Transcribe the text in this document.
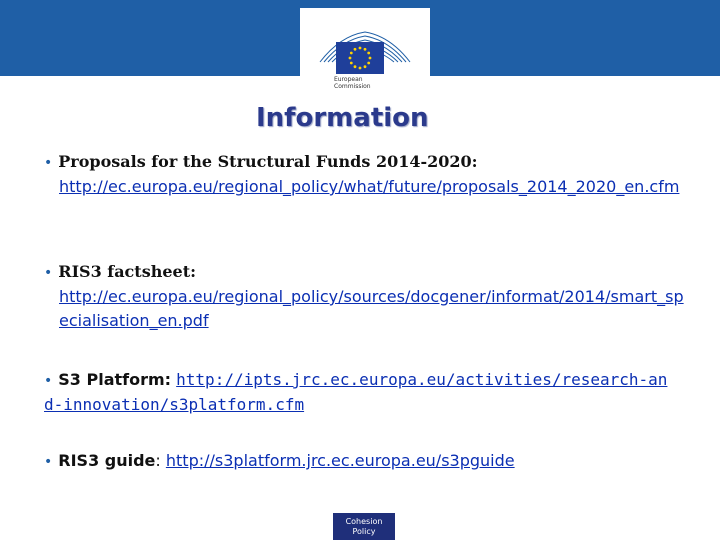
European
Commission
Information
• Proposals for the Structural Funds 2014-2020:
http://ec.europa.eu/regional_policy/what/future/proposals_2014_2020_en.cfm
• RIS3 factsheet:
http://ec.europa.eu/regional_policy/sources/docgener/informat/2014/smart_specialisation_en.pdf
• S3 Platform: http://ipts.jrc.ec.europa.eu/activities/research-and-innovation/s3platform.cfm
• RIS3 guide: http://s3platform.jrc.ec.europa.eu/s3pguide
Cohesion
Policy
